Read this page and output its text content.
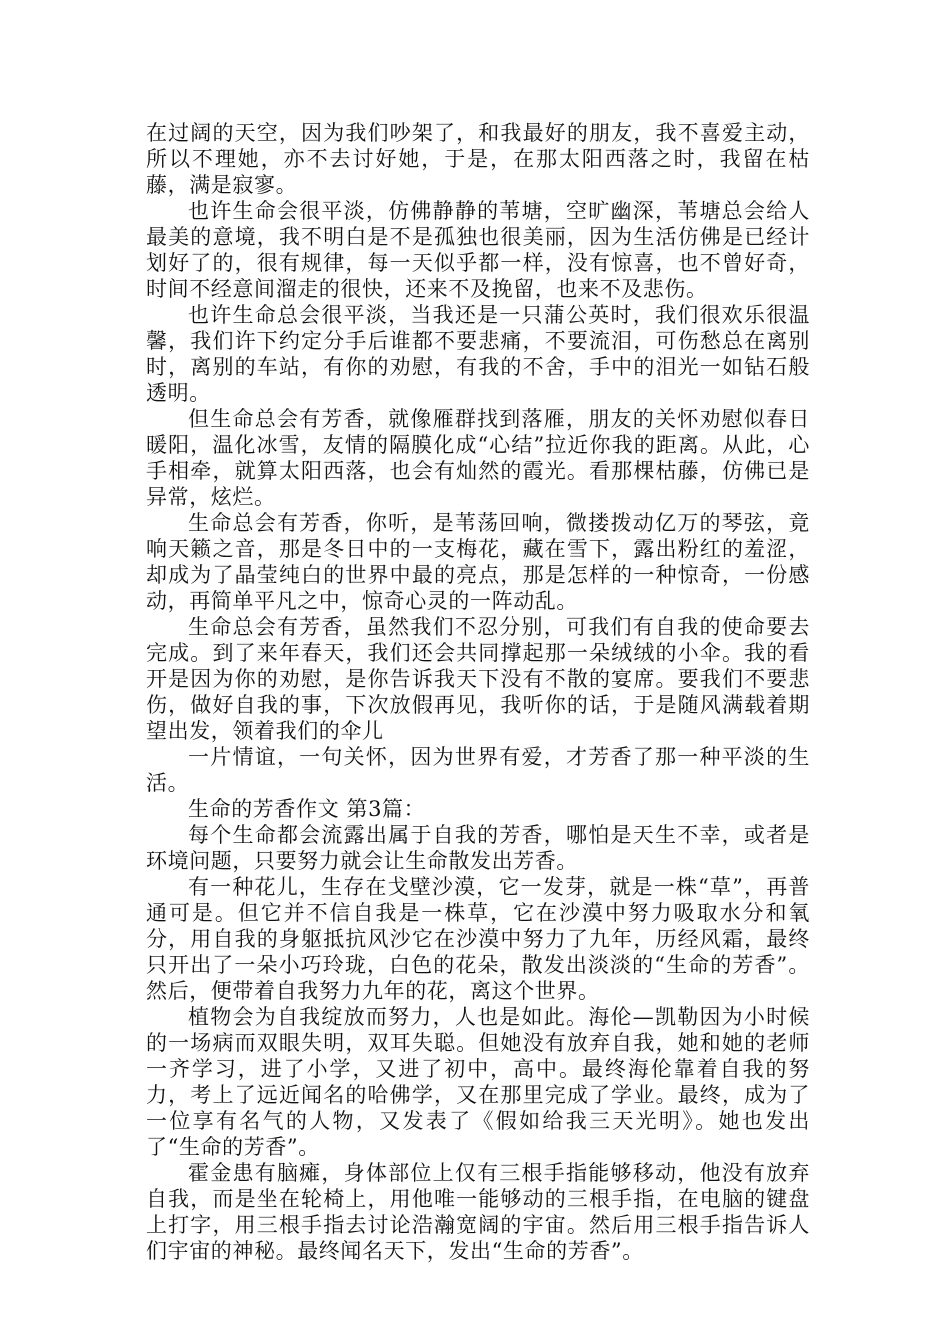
在过阔的天空，因为我们吵架了，和我最好的朋友，我不喜爱主动，所以不理她，亦不去讨好她，于是，在那太阳西落之时，我留在枯藤，满是寂寥。

也许生命会很平淡，仿佛静静的苇塘，空旷幽深，苇塘总会给人最美的意境，我不明白是不是孤独也很美丽，因为生活仿佛是已经计划好了的，很有规律，每一天似乎都一样，没有惊喜，也不曾好奇，时间不经意间溜走的很快，还来不及挽留，也来不及悲伤。

也许生命总会很平淡，当我还是一只蒲公英时，我们很欢乐很温馨，我们许下约定分手后谁都不要悲痛，不要流泪，可伤愁总在离别时，离别的车站，有你的劝慰，有我的不舍，手中的泪光一如钻石般透明。

但生命总会有芳香，就像雁群找到落雁，朋友的关怀劝慰似春日暖阳，温化冰雪，友情的隔膜化成“心结”拉近你我的距离。从此，心手相牵，就算太阳西落，也会有灿然的霞光。看那棵枯藤，仿佛已是异常，炫烂。

生命总会有芳香，你听，是苇荡回响，微搂拨动亿万的琴弦，竟响天籁之音，那是冬日中的一支梅花，藏在雪下，露出粉红的羞涩，却成为了晶莹纯白的世界中最的亮点，那是怎样的一种惊奇，一份感动，再简单平凡之中，惊奇心灵的一阵动乱。

生命总会有芳香，虽然我们不忍分别，可我们有自我的使命要去完成。到了来年春天，我们还会共同撑起那一朵绒绒的小伞。我的看开是因为你的劝慰，是你告诉我天下没有不散的宴席。要我们不要悲伤，做好自我的事，下次放假再见，我听你的话，于是随风满载着期望出发，领着我们的伞儿

一片情谊，一句关怀，因为世界有爱，才芳香了那一种平淡的生活。

生命的芳香作文 第3篇：

每个生命都会流露出属于自我的芳香，哪怕是天生不幸，或者是环境问题，只要努力就会让生命散发出芳香。

有一种花儿，生存在戈壁沙漠，它一发芽，就是一株“草”，再普通可是。但它并不信自我是一株草，它在沙漠中努力吸取水分和氧分，用自我的身躯抵抗风沙它在沙漠中努力了九年，历经风霜，最终只开出了一朵小巧玲珑，白色的花朵，散发出淡淡的“生命的芳香”。然后，便带着自我努力九年的花，离这个世界。

植物会为自我绽放而努力，人也是如此。海伦—凯勒因为小时候的一场病而双眼失明，双耳失聪。但她没有放弃自我，她和她的老师一齐学习，进了小学，又进了初中，高中。最终海伦靠着自我的努力，考上了远近闻名的哈佛学，又在那里完成了学业。最终，成为了一位享有名气的人物，又发表了《假如给我三天光明》。她也发出了“生命的芳香”。

霍金患有脑瘫，身体部位上仅有三根手指能够移动，他没有放弃自我，而是坐在轮椅上，用他唯一能够动的三根手指，在电脑的键盘上打字，用三根手指去讨论浩瀚宽阔的宇宙。然后用三根手指告诉人们宇宙的神秘。最终闻名天下，发出“生命的芳香”。
